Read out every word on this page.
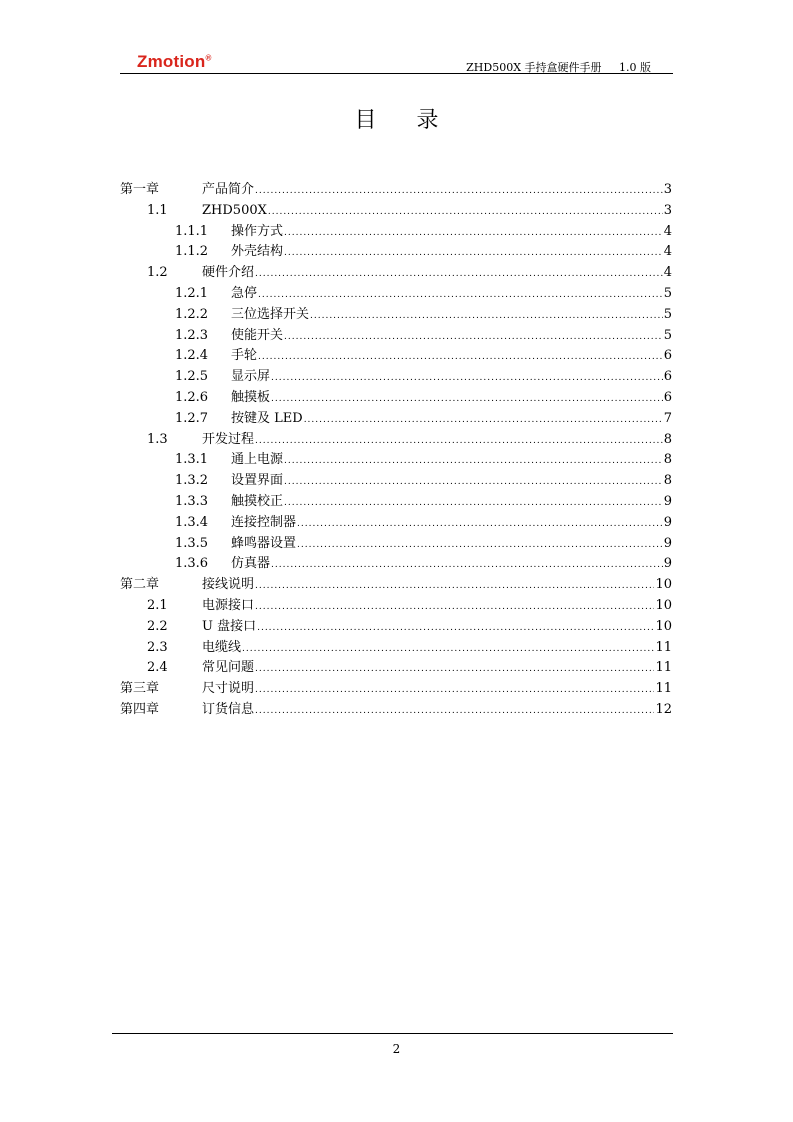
Zmotion®
ZHD500X 手持盒硬件手册     1.0 版
目录
第一章	产品简介 .....	3
1.1	ZHD500X .....	3
1.1.1	操作方式 .....	4
1.1.2	外壳结构 .....	4
1.2	硬件介绍 .....	4
1.2.1	急停 .....	5
1.2.2	三位选择开关 .....	5
1.2.3	使能开关 .....	5
1.2.4	手轮 .....	6
1.2.5	显示屏 .....	6
1.2.6	触摸板 .....	6
1.2.7	按键及 LED .....	7
1.3	开发过程 .....	8
1.3.1	通上电源 .....	8
1.3.2	设置界面 .....	8
1.3.3	触摸校正 .....	9
1.3.4	连接控制器 .....	9
1.3.5	蜂鸣器设置 .....	9
1.3.6	仿真器 .....	9
第二章	接线说明 .....	10
2.1	电源接口 .....	10
2.2	U 盘接口 .....	10
2.3	电缆线 .....	11
2.4	常见问题 .....	11
第三章	尺寸说明 .....	11
第四章	订货信息 .....	12
2
